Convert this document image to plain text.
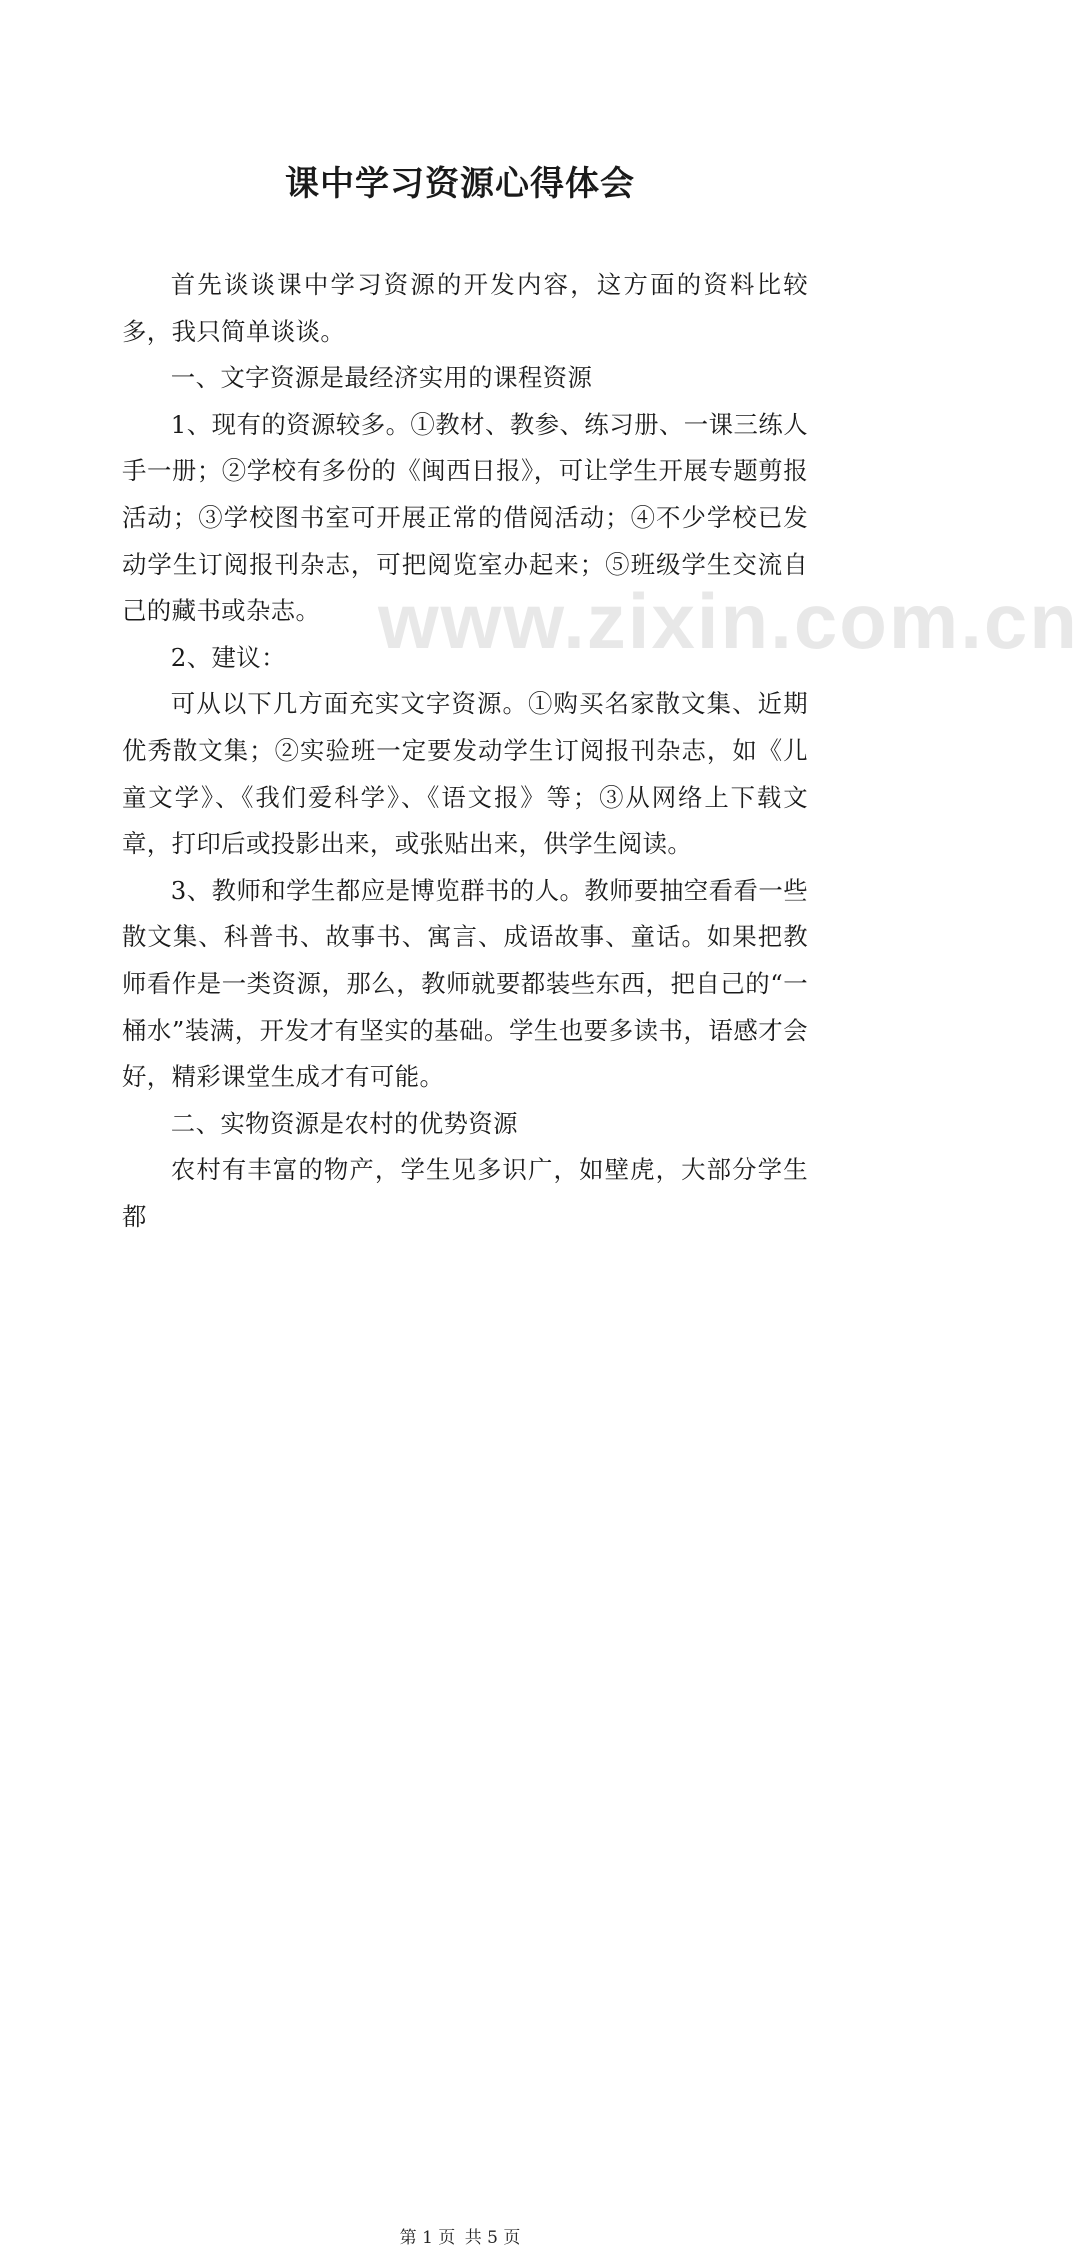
www.zixin.com.cn
课中学习资源心得体会

首先谈谈课中学习资源的开发内容，这方面的资料比较多，我只简单谈谈。

一、文字资源是最经济实用的课程资源

1、现有的资源较多。①教材、教参、练习册、一课三练人手一册；②学校有多份的《闽西日报》，可让学生开展专题剪报活动；③学校图书室可开展正常的借阅活动；④不少学校已发动学生订阅报刊杂志，可把阅览室办起来；⑤班级学生交流自己的藏书或杂志。

2、建议：

可从以下几方面充实文字资源。①购买名家散文集、近期优秀散文集；②实验班一定要发动学生订阅报刊杂志，如《儿童文学》、《我们爱科学》、《语文报》等；③从网络上下载文章，打印后或投影出来，或张贴出来，供学生阅读。

3、教师和学生都应是博览群书的人。教师要抽空看看一些散文集、科普书、故事书、寓言、成语故事、童话。如果把教师看作是一类资源，那么，教师就要都装些东西，把自己的“一桶水”装满，开发才有坚实的基础。学生也要多读书，语感才会好，精彩课堂生成才有可能。

二、实物资源是农村的优势资源

农村有丰富的物产，学生见多识广，如壁虎，大部分学生都

第 1 页 共 5 页
